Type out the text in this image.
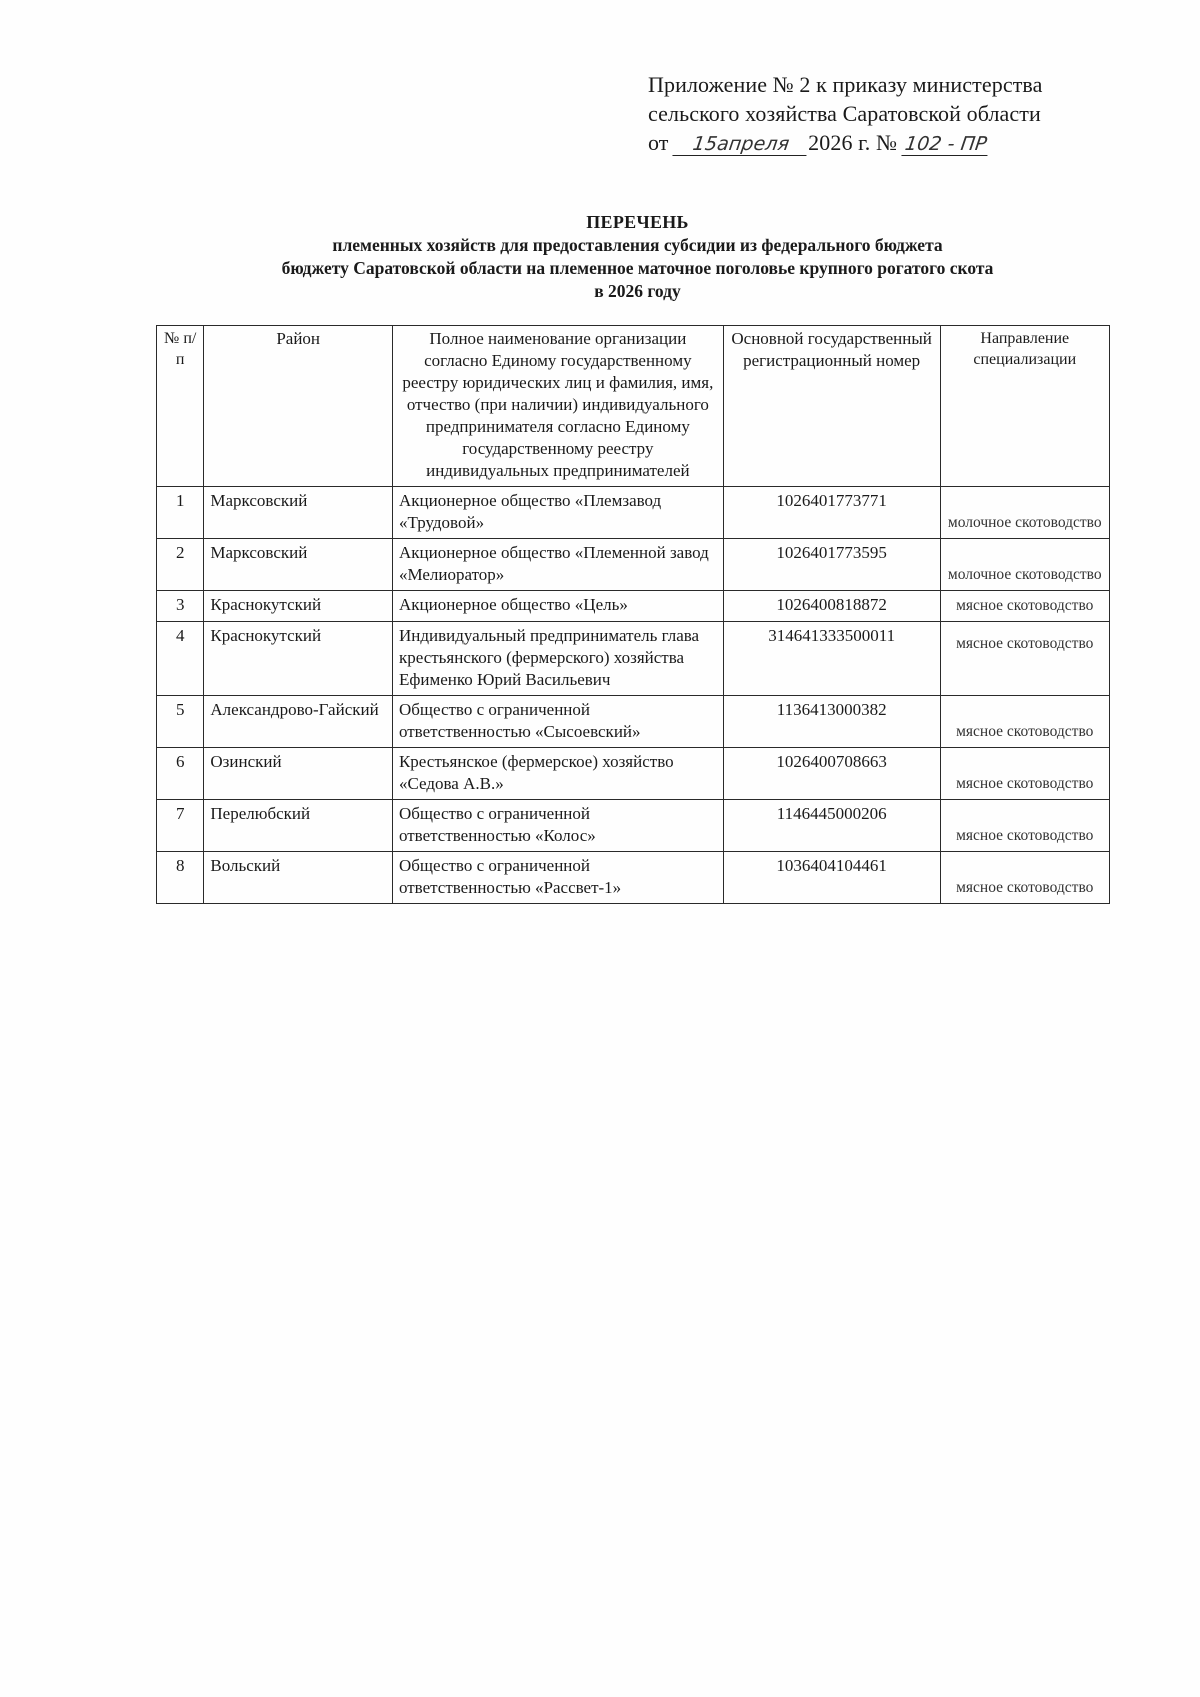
Приложение № 2 к приказу министерства
сельского хозяйства Саратовской области
от 15апреля 2026 г. № 102 - ПР
ПЕРЕЧЕНЬ
племенных хозяйств для предоставления субсидии из федерального бюджета
бюджету Саратовской области на племенное маточное поголовье крупного рогатого скота
в 2026 году
№ п/п	Район	Полное наименование организации согласно Единому государственному реестру юридических лиц и фамилия, имя, отчество (при наличии) индивидуального предпринимателя согласно Единому государственному реестру индивидуальных предпринимателей	Основной государственный регистрационный номер	Направление специализации
1	Марксовский	Акционерное общество «Племзавод «Трудовой»	1026401773771	молочное скотоводство
2	Марксовский	Акционерное общество «Племенной завод «Мелиоратор»	1026401773595	молочное скотоводство
3	Краснокутский	Акционерное общество «Цель»	1026400818872	мясное скотоводство
4	Краснокутский	Индивидуальный предприниматель глава крестьянского (фермерского) хозяйства Ефименко Юрий Васильевич	314641333500011	мясное скотоводство
5	Александрово-Гайский	Общество с ограниченной ответственностью «Сысоевский»	1136413000382	мясное скотоводство
6	Озинский	Крестьянское (фермерское) хозяйство «Седова А.В.»	1026400708663	мясное скотоводство
7	Перелюбский	Общество с ограниченной ответственностью «Колос»	1146445000206	мясное скотоводство
8	Вольский	Общество с ограниченной ответственностью «Рассвет-1»	1036404104461	мясное скотоводство
